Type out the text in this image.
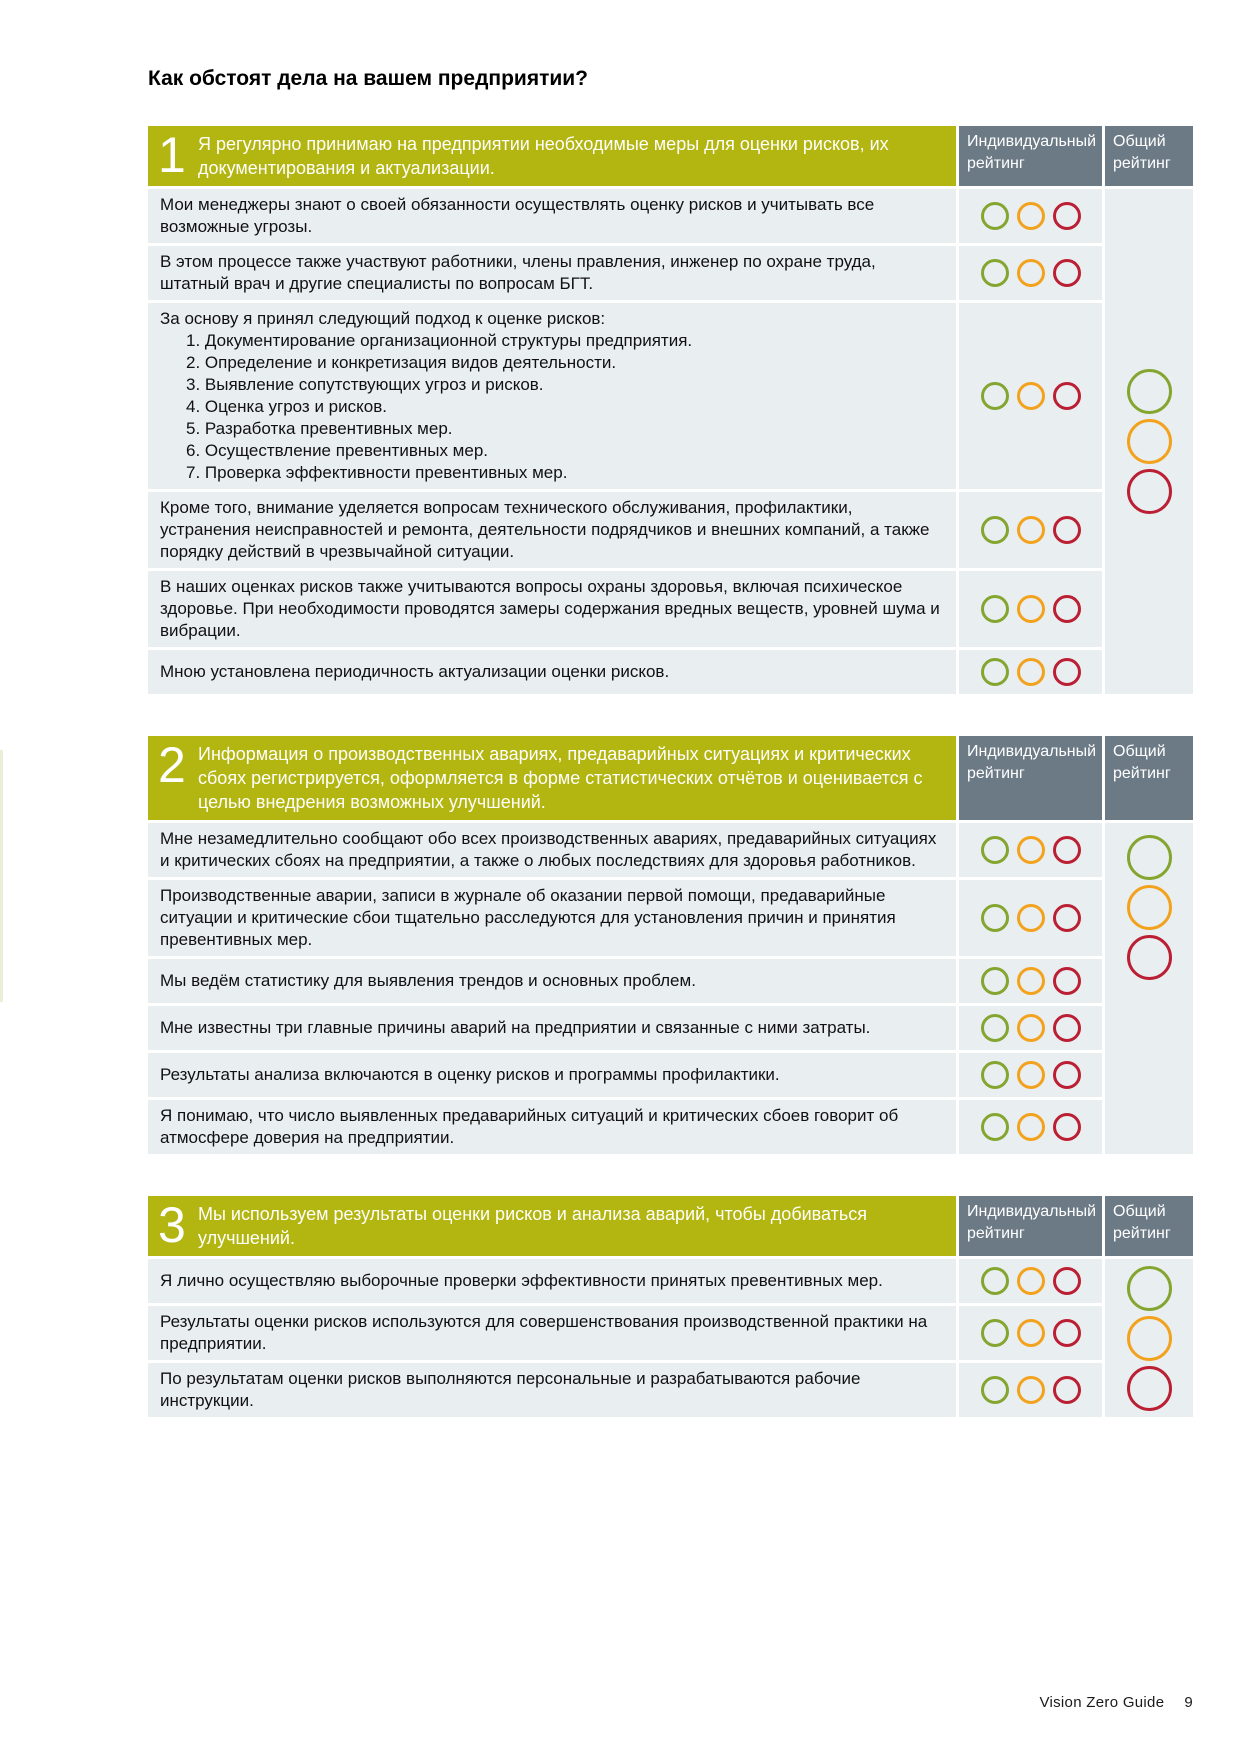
Как обстоят дела на вашем предприятии?
1 Я регулярно принимаю на предприятии необходимые меры для оценки рисков, их документирования и актуализации.
Индивидуальный рейтинг
Общий рейтинг
Мои менеджеры знают о своей обязанности осуществлять оценку рисков и учитывать все возможные угрозы.
В этом процессе также участвуют работники, члены правления, инженер по охране труда, штатный врач и другие специалисты по вопросам БГТ.
За основу я принял следующий подход к оценке рисков:
1. Документирование организационной структуры предприятия.
2. Определение и конкретизация видов деятельности.
3. Выявление сопутствующих угроз и рисков.
4. Оценка угроз и рисков.
5. Разработка превентивных мер.
6. Осуществление превентивных мер.
7. Проверка эффективности превентивных мер.
Кроме того, внимание уделяется вопросам технического обслуживания, профилактики, устранения неисправностей и ремонта, деятельности подрядчиков и внешних компаний, а также порядку действий в чрезвычайной ситуации.
В наших оценках рисков также учитываются вопросы охраны здоровья, включая психическое здоровье. При необходимости проводятся замеры содержания вредных веществ, уровней шума и вибрации.
Мною установлена периодичность актуализации оценки рисков.
2 Информация о производственных авариях, предаварийных ситуациях и критических сбоях регистрируется, оформляется в форме статистических отчётов и оценивается с целью внедрения возможных улучшений.
Индивидуальный рейтинг
Общий рейтинг
Мне незамедлительно сообщают обо всех производственных авариях, предаварийных ситуациях и критических сбоях на предприятии, а также о любых последствиях для здоровья работников.
Производственные аварии, записи в журнале об оказании первой помощи, предаварийные ситуации и критические сбои тщательно расследуются для установления причин и принятия превентивных мер.
Мы ведём статистику для выявления трендов и основных проблем.
Мне известны три главные причины аварий на предприятии и связанные с ними затраты.
Результаты анализа включаются в оценку рисков и программы профилактики.
Я понимаю, что число выявленных предаварийных ситуаций и критических сбоев говорит об атмосфере доверия на предприятии.
3 Мы используем результаты оценки рисков и анализа аварий, чтобы добиваться улучшений.
Индивидуальный рейтинг
Общий рейтинг
Я лично осуществляю выборочные проверки эффективности принятых превентивных мер.
Результаты оценки рисков используются для совершенствования производственной практики на предприятии.
По результатам оценки рисков выполняются персональные и разрабатываются рабочие инструкции.
Vision Zero Guide 9
